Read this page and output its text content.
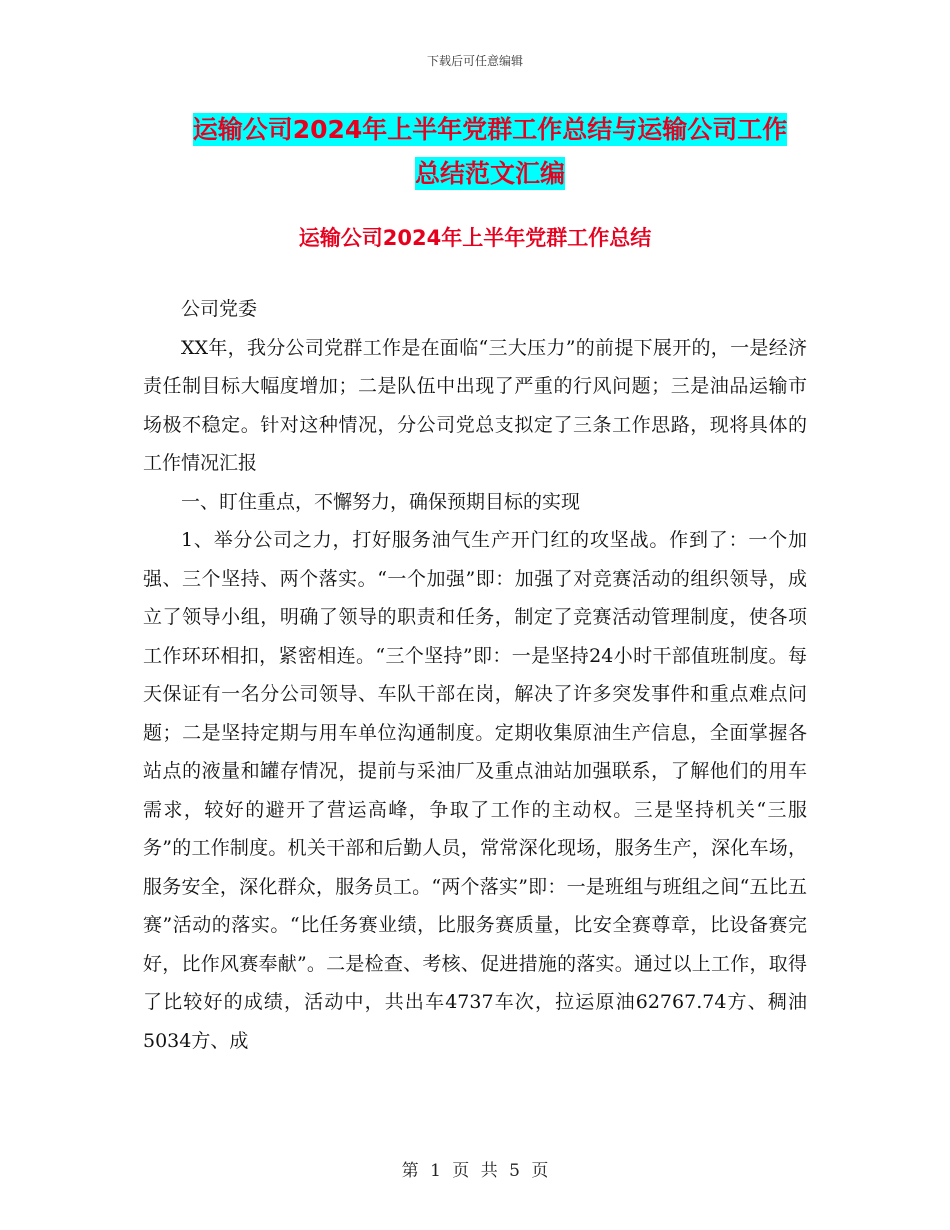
下载后可任意编辑
运输公司2024年上半年党群工作总结与运输公司工作
总结范文汇编
运输公司2024年上半年党群工作总结

公司党委

XX年，我分公司党群工作是在面临“三大压力”的前提下展开的，一是经济责任制目标大幅度增加；二是队伍中出现了严重的行风问题；三是油品运输市场极不稳定。针对这种情况，分公司党总支拟定了三条工作思路，现将具体的工作情况汇报

一、盯住重点，不懈努力，确保预期目标的实现

1、举分公司之力，打好服务油气生产开门红的攻坚战。作到了：一个加强、三个坚持、两个落实。“一个加强”即：加强了对竞赛活动的组织领导，成立了领导小组，明确了领导的职责和任务，制定了竞赛活动管理制度，使各项工作环环相扣，紧密相连。“三个坚持”即：一是坚持24小时干部值班制度。每天保证有一名分公司领导、车队干部在岗，解决了许多突发事件和重点难点问题；二是坚持定期与用车单位沟通制度。定期收集原油生产信息，全面掌握各站点的液量和罐存情况，提前与采油厂及重点油站加强联系，了解他们的用车需求，较好的避开了营运高峰，争取了工作的主动权。三是坚持机关“三服务”的工作制度。机关干部和后勤人员，常常深化现场，服务生产，深化车场，服务安全，深化群众，服务员工。“两个落实”即：一是班组与班组之间“五比五赛”活动的落实。“比任务赛业绩，比服务赛质量，比安全赛尊章，比设备赛完好，比作风赛奉献”。二是检查、考核、促进措施的落实。通过以上工作，取得了比较好的成绩，活动中，共出车4737车次，拉运原油62767.74方、稠油5034方、成

第 1 页 共 5 页
